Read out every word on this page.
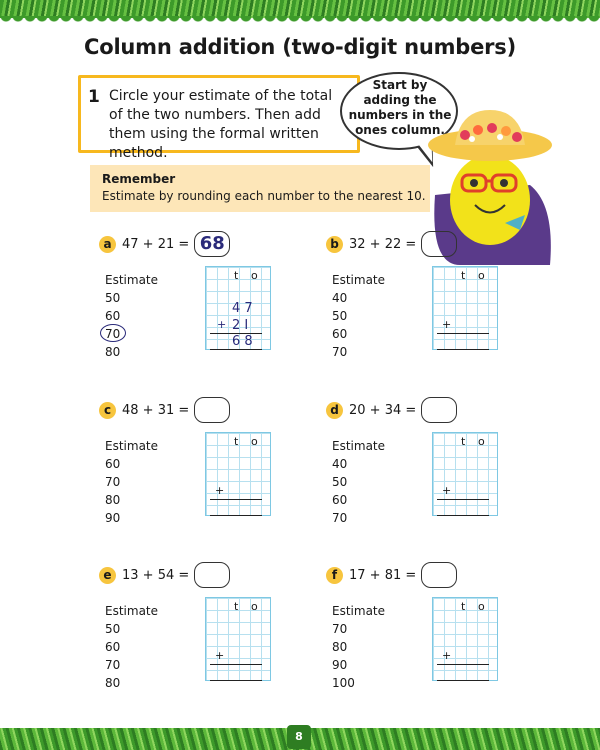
Column addition (two-digit numbers)
1 Circle your estimate of the total of the two numbers. Then add them using the formal written method.
Start by adding the numbers in the ones column.
Remember
Estimate by rounding each number to the nearest 10.
a 47 + 21 = 68
Estimate
50
60
70
80
t o
4 7
+ 2 I
6 8
b 32 + 22 =
Estimate
40
50
60
70
t o
+
c 48 + 31 =
Estimate
60
70
80
90
t o
+
d 20 + 34 =
Estimate
40
50
60
70
t o
+
e 13 + 54 =
Estimate
50
60
70
80
t o
+
f 17 + 81 =
Estimate
70
80
90
100
t o
+
8
